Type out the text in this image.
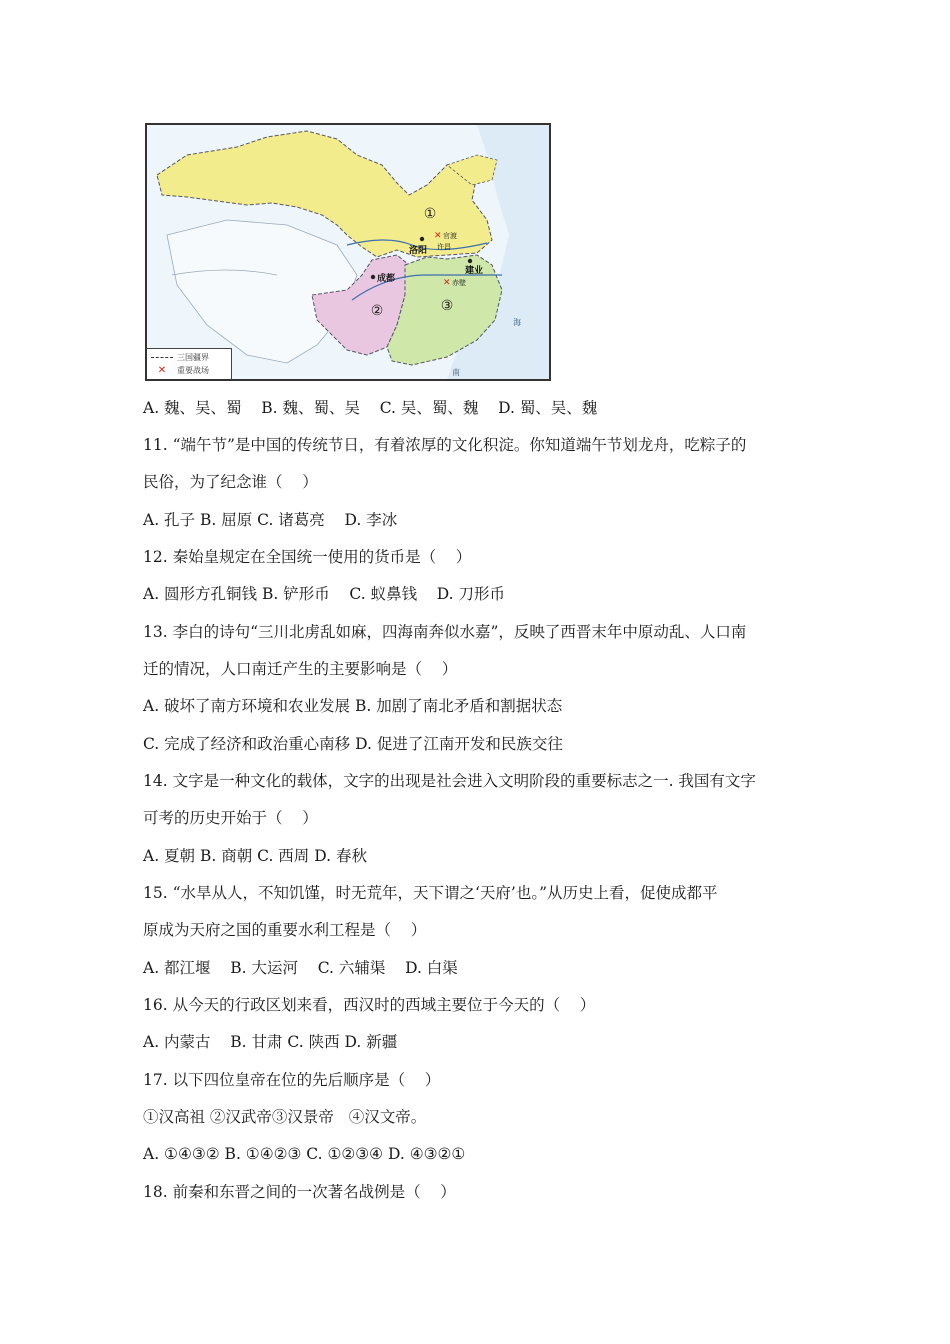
①
②	③
洛阳
成都
建业
✕ 官渡
许昌
✕ 赤壁
南
海
三国疆界
✕	重要战场
A. 魏、吴、蜀    B. 魏、蜀、吴    C. 吴、蜀、魏    D. 蜀、吴、魏
11. “端午节”是中国的传统节日，有着浓厚的文化积淀。你知道端午节划龙舟，吃粽子的
民俗，为了纪念谁（    ）
A. 孔子 B. 屈原 C. 诸葛亮    D. 李冰
12. 秦始皇规定在全国统一使用的货币是（    ）
A. 圆形方孔铜钱 B. 铲形币    C. 蚁鼻钱    D. 刀形币
13. 李白的诗句“三川北虏乱如麻，四海南奔似水嘉”，反映了西晋末年中原动乱、人口南
迁的情况，人口南迁产生的主要影响是（    ）
A. 破坏了南方环境和农业发展 B. 加剧了南北矛盾和割据状态
C. 完成了经济和政治重心南移 D. 促进了江南开发和民族交往
14. 文字是一种文化的载体，文字的出现是社会进入文明阶段的重要标志之一. 我国有文字
可考的历史开始于（    ）
A. 夏朝 B. 商朝 C. 西周 D. 春秋
15. “水旱从人，不知饥馑，时无荒年，天下谓之‘天府’也。”从历史上看，促使成都平
原成为天府之国的重要水利工程是（    ）
A. 都江堰    B. 大运河    C. 六辅渠    D. 白渠
16. 从今天的行政区划来看，西汉时的西域主要位于今天的（    ）
A. 内蒙古    B. 甘肃 C. 陕西 D. 新疆
17. 以下四位皇帝在位的先后顺序是（    ）
①汉高祖 ②汉武帝③汉景帝   ④汉文帝。
A. ①④③② B. ①④②③ C. ①②③④ D. ④③②①
18. 前秦和东晋之间的一次著名战例是（    ）
